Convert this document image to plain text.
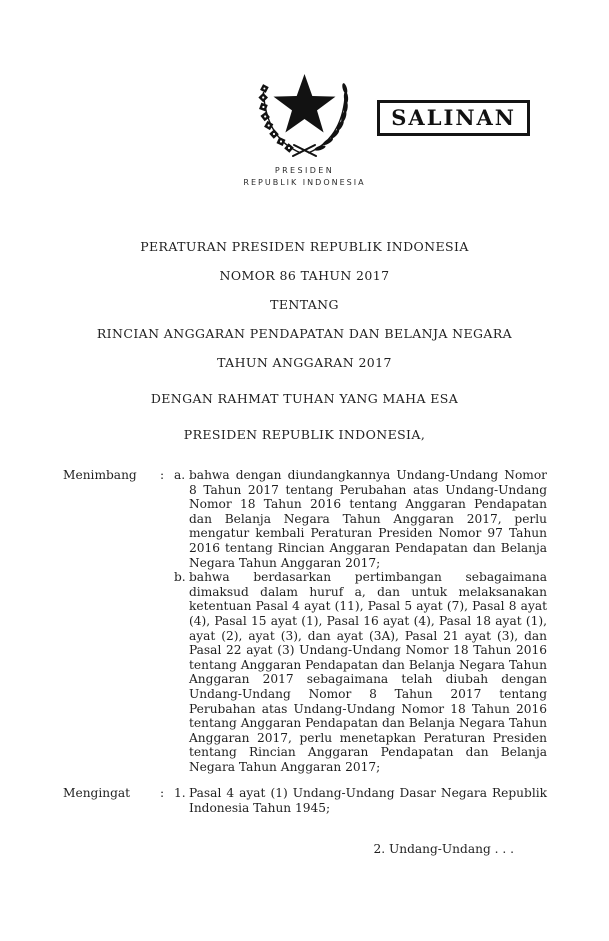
PRESIDEN
REPUBLIK INDONESIA
SALINAN
PERATURAN PRESIDEN REPUBLIK INDONESIA
NOMOR 86 TAHUN 2017
TENTANG
RINCIAN ANGGARAN PENDAPATAN DAN BELANJA NEGARA
TAHUN ANGGARAN 2017
DENGAN RAHMAT TUHAN YANG MAHA ESA
PRESIDEN REPUBLIK INDONESIA,
Menimbang	: a. bahwa dengan diundangkannya Undang-Undang Nomor 8 Tahun 2017 tentang Perubahan atas Undang-Undang Nomor 18 Tahun 2016 tentang Anggaran Pendapatan dan Belanja Negara Tahun Anggaran 2017, perlu mengatur kembali Peraturan Presiden Nomor 97 Tahun 2016 tentang Rincian Anggaran Pendapatan dan Belanja Negara Tahun Anggaran 2017;
b. bahwa berdasarkan pertimbangan sebagaimana dimaksud dalam huruf a, dan untuk melaksanakan ketentuan Pasal 4 ayat (11), Pasal 5 ayat (7), Pasal 8 ayat (4), Pasal 15 ayat (1), Pasal 16 ayat (4), Pasal 18 ayat (1), ayat (2), ayat (3), dan ayat (3A), Pasal 21 ayat (3), dan Pasal 22 ayat (3) Undang-Undang Nomor 18 Tahun 2016 tentang Anggaran Pendapatan dan Belanja Negara Tahun Anggaran 2017 sebagaimana telah diubah dengan Undang-Undang Nomor 8 Tahun 2017 tentang Perubahan atas Undang-Undang Nomor 18 Tahun 2016 tentang Anggaran Pendapatan dan Belanja Negara Tahun Anggaran 2017, perlu menetapkan Peraturan Presiden tentang Rincian Anggaran Pendapatan dan Belanja Negara Tahun Anggaran 2017;
Mengingat	: 1. Pasal 4 ayat (1) Undang-Undang Dasar Negara Republik Indonesia Tahun 1945;
2. Undang-Undang . . .
